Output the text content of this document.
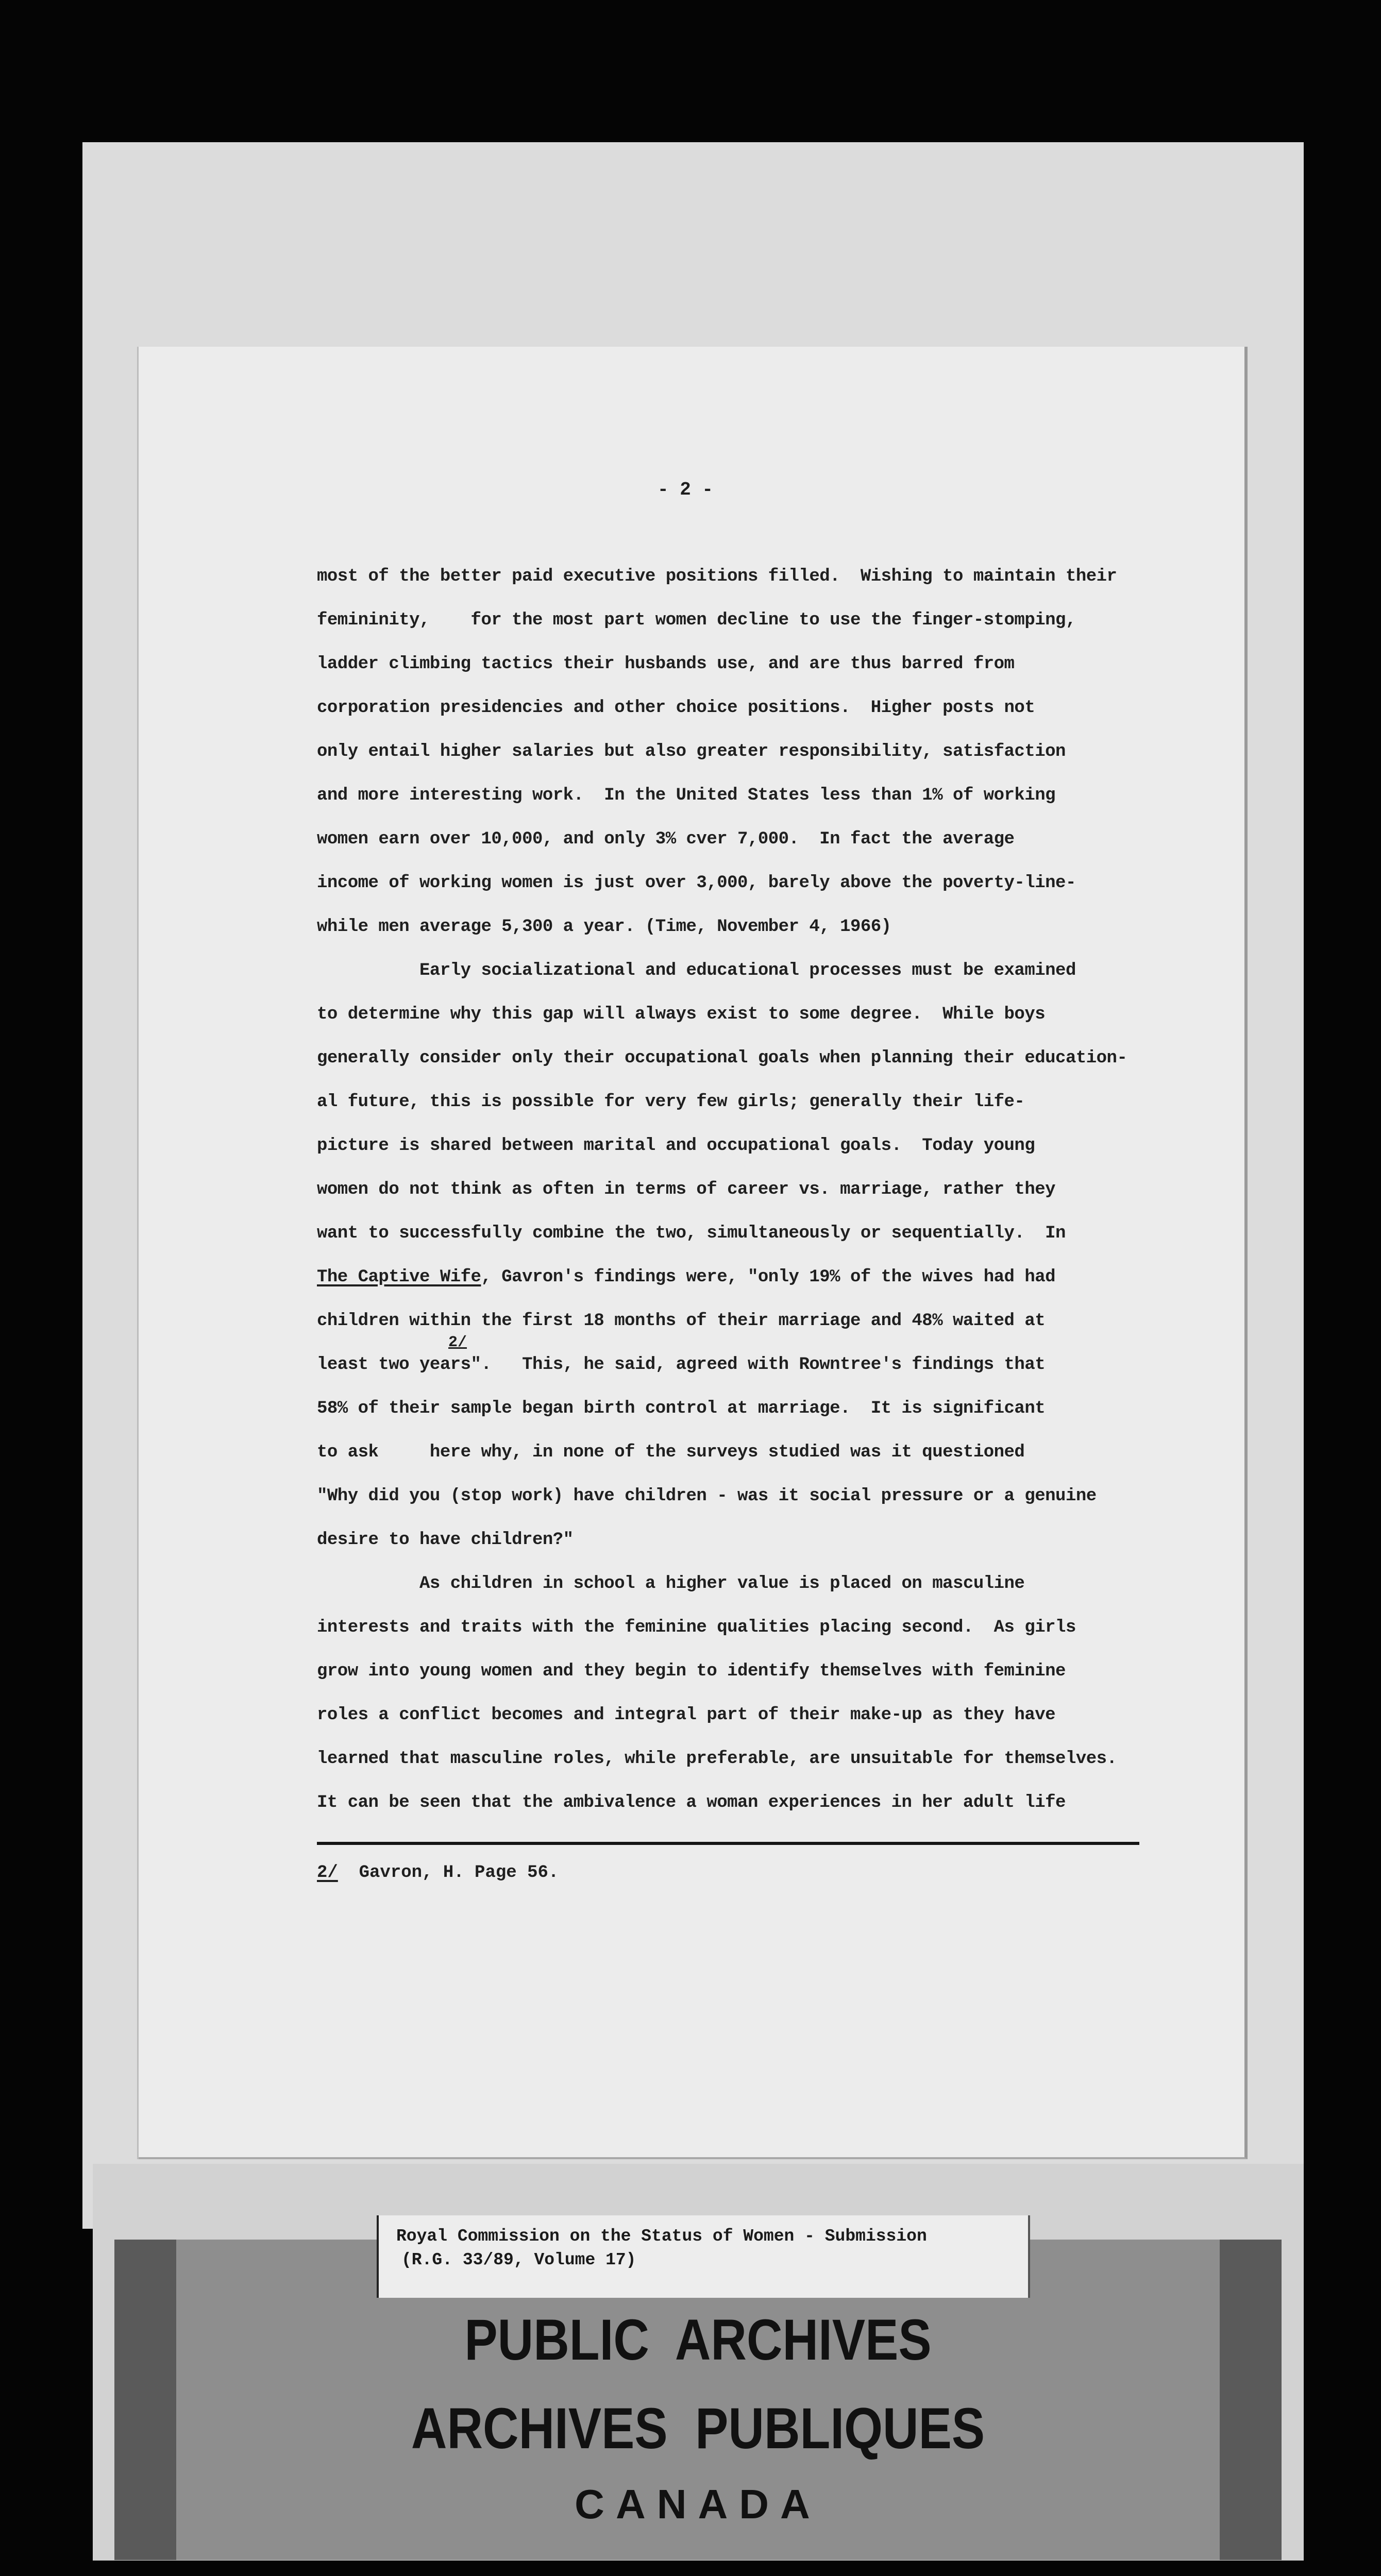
- 2 -
most of the better paid executive positions filled.  Wishing to maintain their
femininity,    for the most part women decline to use the finger-stomping,
ladder climbing tactics their husbands use, and are thus barred from
corporation presidencies and other choice positions.  Higher posts not
only entail higher salaries but also greater responsibility, satisfaction
and more interesting work.  In the United States less than 1% of working
women earn over 10,000, and only 3% cver 7,000.  In fact the average
income of working women is just over 3,000, barely above the poverty-line-
while men average 5,300 a year. (Time, November 4, 1966)
Early socializational and educational processes must be examined
to determine why this gap will always exist to some degree.  While boys
generally consider only their occupational goals when planning their education-
al future, this is possible for very few girls; generally their life-
picture is shared between marital and occupational goals.  Today young
women do not think as often in terms of career vs. marriage, rather they
want to successfully combine the two, simultaneously or sequentially.  In
The Captive Wife, Gavron's findings were, "only 19% of the wives had had
children within the first 18 months of their marriage and 48% waited at
least two years".   This, he said, agreed with Rowntree's findings that
58% of their sample began birth control at marriage.  It is significant
to ask     here why, in none of the surveys studied was it questioned
"Why did you (stop work) have children - was it social pressure or a genuine
desire to have children?"
As children in school a higher value is placed on masculine
interests and traits with the feminine qualities placing second.  As girls
grow into young women and they begin to identify themselves with feminine
roles a conflict becomes and integral part of their make-up as they have
learned that masculine roles, while preferable, are unsuitable for themselves.
It can be seen that the ambivalence a woman experiences in her adult life
2/
2/  Gavron, H. Page 56.
Royal Commission on the Status of Women - Submission
(R.G. 33/89, Volume 17)
PUBLIC  ARCHIVES
ARCHIVES  PUBLIQUES
CANADA
